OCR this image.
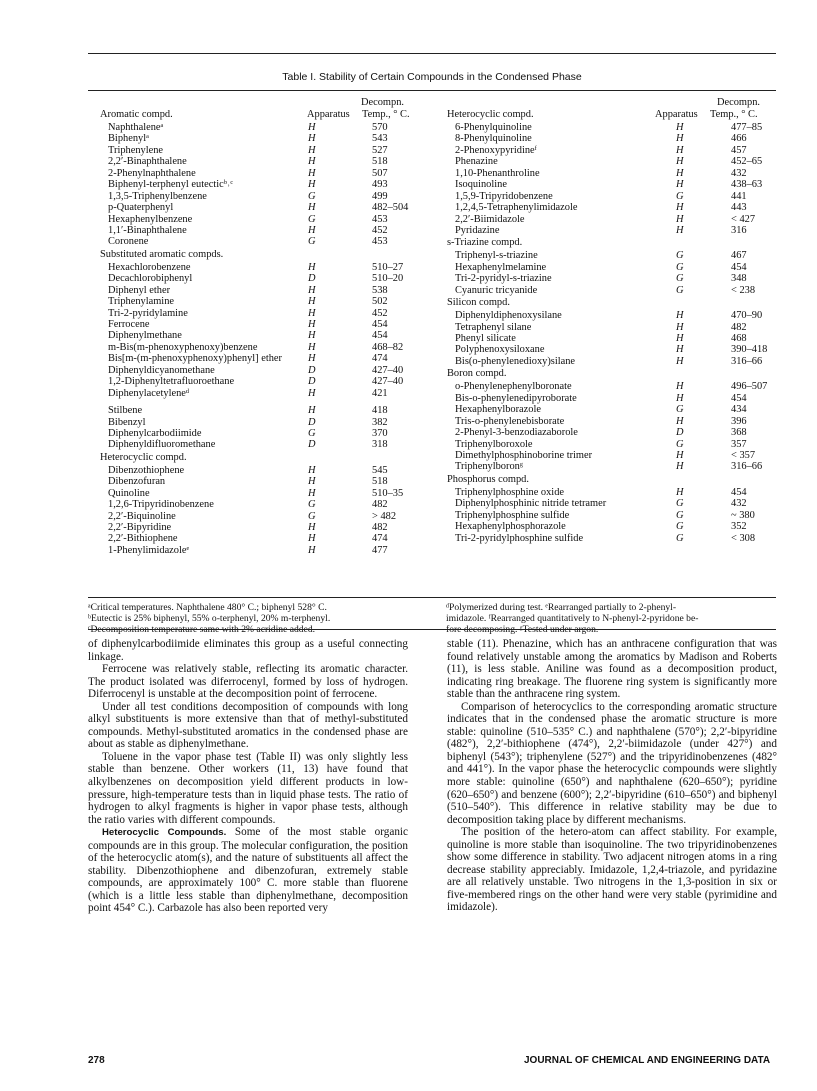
Table I. Stability of Certain Compounds in the Condensed Phase
Aromatic compd.	Apparatus
Decompn.
Temp., ° C.
Naphthaleneᵃ	H	570
Biphenylᵃ	H	543
Triphenylene	H	527
2,2′-Binaphthalene	H	518
2-Phenylnaphthalene	H	507
Biphenyl-terphenyl eutecticᵇ˒ᶜ	H	493
1,3,5-Triphenylbenzene	G	499
p-Quaterphenyl	H	482–504
Hexaphenylbenzene	G	453
1,1′-Binaphthalene	H	452
Coronene	G	453
Substituted aromatic compds.
Hexachlorobenzene	H	510–27
Decachlorobiphenyl	D	510–20
Diphenyl ether	H	538
Triphenylamine	H	502
Tri-2-pyridylamine	H	452
Ferrocene	H	454
Diphenylmethane	H	454
m-Bis(m-phenoxyphenoxy)benzene	H	468–82
Bis[m-(m-phenoxyphenoxy)phenyl] ether	H	474
Diphenyldicyanomethane	D	427–40
1,2-Diphenyltetrafluoroethane	D	427–40
Diphenylacetyleneᵈ	H	421
Stilbene	H	418
Bibenzyl	D	382
Diphenylcarbodiimide	G	370
Diphenyldifluoromethane	D	318
Heterocyclic compd.
Dibenzothiophene	H	545
Dibenzofuran	H	518
Quinoline	H	510–35
1,2,6-Tripyridinobenzene	G	482
2,2′-Biquinoline	G	> 482
2,2′-Bipyridine	H	482
2,2′-Bithiophene	H	474
1-Phenylimidazoleᵉ	H	477
Heterocyclic compd.	Apparatus
Decompn.
Temp., ° C.
6-Phenylquinoline	H	477–85
8-Phenylquinoline	H	466
2-Phenoxypyridineᶠ	H	457
Phenazine	H	452–65
1,10-Phenanthroline	H	432
Isoquinoline	H	438–63
1,5,9-Tripyridobenzene	G	441
1,2,4,5-Tetraphenylimidazole	H	443
2,2′-Biimidazole	H	< 427
Pyridazine	H	316
s-Triazine compd.
Triphenyl-s-triazine	G	467
Hexaphenylmelamine	G	454
Tri-2-pyridyl-s-triazine	G	348
Cyanuric tricyanide	G	< 238
Silicon compd.
Diphenyldiphenoxysilane	H	470–90
Tetraphenyl silane	H	482
Phenyl silicate	H	468
Polyphenoxysiloxane	H	390–418
Bis(o-phenylenedioxy)silane	H	316–66
Boron compd.
o-Phenylenephenylboronate	H	496–507
Bis-o-phenylenedipyroborate	H	454
Hexaphenylborazole	G	434
Tris-o-phenylenebisborate	H	396
2-Phenyl-3-benzodiazaborole	D	368
Triphenylboroxole	G	357
Dimethylphosphinoborine trimer	H	< 357
Triphenylboronᵍ	H	316–66
Phosphorus compd.
Triphenylphosphine oxide	H	454
Diphenylphosphinic nitride tetramer	G	432
Triphenylphosphine sulfide	G	~ 380
Hexaphenylphosphorazole	G	352
Tri-2-pyridylphosphine sulfide	G	< 308
ᵃCritical temperatures. Naphthalene 480° C.; biphenyl 528° C.
ᵇEutectic is 25% biphenyl, 55% o-terphenyl, 20% m-terphenyl.
ᶜDecomposition temperature same with 2% acridine added.
ᵈPolymerized during test. ᵉRearranged partially to 2-phenyl-
imidazole. ᶠRearranged quantitatively to N-phenyl-2-pyridone be-
fore decomposing. ᵍTested under argon.

of diphenylcarbodiimide eliminates this group as a useful connecting linkage.

Ferrocene was relatively stable, reflecting its aromatic character. The product isolated was diferrocenyl, formed by loss of hydrogen. Diferrocenyl is unstable at the decomposition point of ferrocene.

Under all test conditions decomposition of compounds with long alkyl substituents is more extensive than that of methyl-substituted compounds. Methyl-substituted aromatics in the condensed phase are about as stable as diphenylmethane.

Toluene in the vapor phase test (Table II) was only slightly less stable than benzene. Other workers (11, 13) have found that alkylbenzenes on decomposition yield different products in low-pressure, high-temperature tests than in liquid phase tests. The ratio of hydrogen to alkyl fragments is higher in vapor phase tests, although the ratio varies with different compounds.

Heterocyclic Compounds. Some of the most stable organic compounds are in this group. The molecular configuration, the position of the heterocyclic atom(s), and the nature of substituents all affect the stability. Dibenzothiophene and dibenzofuran, extremely stable compounds, are approximately 100° C. more stable than fluorene (which is a little less stable than diphenylmethane, decomposition point 454° C.). Carbazole has also been reported very

stable (11). Phenazine, which has an anthracene configuration that was found relatively unstable among the aromatics by Madison and Roberts (11), is less stable. Aniline was found as a decomposition product, indicating ring breakage. The fluorene ring system is significantly more stable than the anthracene ring system.

Comparison of heterocyclics to the corresponding aromatic structure indicates that in the condensed phase the aromatic structure is more stable: quinoline (510–535° C.) and naphthalene (570°); 2,2′-bipyridine (482°), 2,2′-bithiophene (474°), 2,2′-biimidazole (under 427°) and biphenyl (543°); triphenylene (527°) and the tripyridinobenzenes (482° and 441°). In the vapor phase the heterocyclic compounds were slightly more stable: quinoline (650°) and naphthalene (620–650°); pyridine (620–650°) and benzene (600°); 2,2′-bipyridine (610–650°) and biphenyl (510–540°). This difference in relative stability may be due to decomposition taking place by different mechanisms.

The position of the hetero-atom can affect stability. For example, quinoline is more stable than isoquinoline. The two tripyridinobenzenes show some difference in stability. Two adjacent nitrogen atoms in a ring decrease stability appreciably. Imidazole, 1,2,4-triazole, and pyridazine are all relatively unstable. Two nitrogens in the 1,3-position in six or five-membered rings on the other hand were very stable (pyrimidine and imidazole).

278	JOURNAL OF CHEMICAL AND ENGINEERING DATA
